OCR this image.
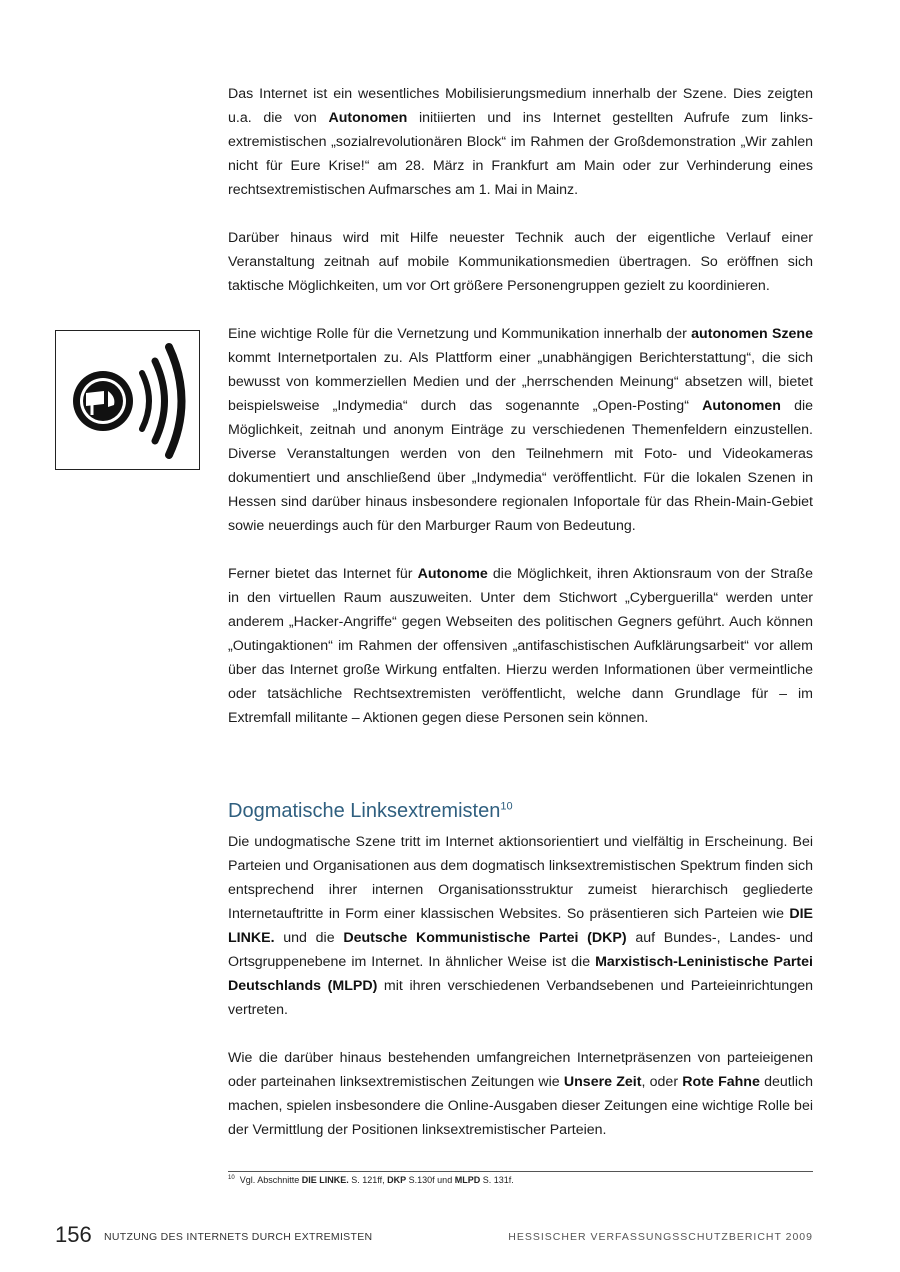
Das Internet ist ein wesentliches Mobilisierungsmedium innerhalb der Szene. Dies zeigten u.a. die von Autonomen initiierten und ins Internet gestellten Aufrufe zum links-extremistischen „sozialrevolutionären Block“ im Rahmen der Großdemonstration „Wir zahlen nicht für Eure Krise!“ am 28. März in Frankfurt am Main oder zur Verhinderung eines rechtsextremistischen Aufmarsches am 1. Mai in Mainz.

Darüber hinaus wird mit Hilfe neuester Technik auch der eigentliche Verlauf einer Veranstaltung zeitnah auf mobile Kommunikationsmedien übertragen. So eröffnen sich taktische Möglichkeiten, um vor Ort größere Personengruppen gezielt zu koordinieren.

Eine wichtige Rolle für die Vernetzung und Kommunikation innerhalb der autonomen Szene kommt Internetportalen zu. Als Plattform einer „unabhängigen Berichterstattung“, die sich bewusst von kommerziellen Medien und der „herrschenden Meinung“ absetzen will, bietet beispielsweise „Indymedia“ durch das sogenannte „Open-Posting“ Autonomen die Möglichkeit, zeitnah und anonym Einträge zu verschiedenen Themenfeldern einzustellen. Diverse Veranstaltungen werden von den Teilnehmern mit Foto- und Videokameras dokumentiert und anschließend über „Indymedia“ veröffentlicht. Für die lokalen Szenen in Hessen sind darüber hinaus insbesondere regionalen Infoportale für das Rhein-Main-Gebiet sowie neuerdings auch für den Marburger Raum von Bedeutung.

Ferner bietet das Internet für Autonome die Möglichkeit, ihren Aktionsraum von der Straße in den virtuellen Raum auszuweiten. Unter dem Stichwort „Cyberguerilla“ werden unter anderem „Hacker-Angriffe“ gegen Webseiten des politischen Gegners geführt. Auch können „Outingaktionen“ im Rahmen der offensiven „antifaschistischen Aufklärungsarbeit“ vor allem über das Internet große Wirkung entfalten. Hierzu werden Informationen über vermeintliche oder tatsächliche Rechtsextremisten veröffentlicht, welche dann Grundlage für – im Extremfall militante – Aktionen gegen diese Personen sein können.

Dogmatische Linksextremisten$^{10}$

Die undogmatische Szene tritt im Internet aktionsorientiert und vielfältig in Erscheinung. Bei Parteien und Organisationen aus dem dogmatisch linksextremistischen Spektrum finden sich entsprechend ihrer internen Organisationsstruktur zumeist hierarchisch gegliederte Internetauftritte in Form einer klassischen Websites. So präsentieren sich Parteien wie DIE LINKE. und die Deutsche Kommunistische Partei (DKP) auf Bundes-, Landes- und Ortsgruppenebene im Internet. In ähnlicher Weise ist die Marxistisch-Leninistische Partei Deutschlands (MLPD) mit ihren verschiedenen Verbandsebenen und Parteieinrichtungen vertreten.

Wie die darüber hinaus bestehenden umfangreichen Internetpräsenzen von parteieigenen oder parteinahen linksextremistischen Zeitungen wie Unsere Zeit, oder Rote Fahne deutlich machen, spielen insbesondere die Online-Ausgaben dieser Zeitungen eine wichtige Rolle bei der Vermittlung der Positionen linksextremistischer Parteien.

$^{10}$ Vgl. Abschnitte DIE LINKE. S. 121ff, DKP S.130f und MLPD S. 131f.
156 NUTZUNG DES INTERNETS DURCH EXTREMISTEN	HESSISCHER VERFASSUNGSSCHUTZBERICHT 2009
